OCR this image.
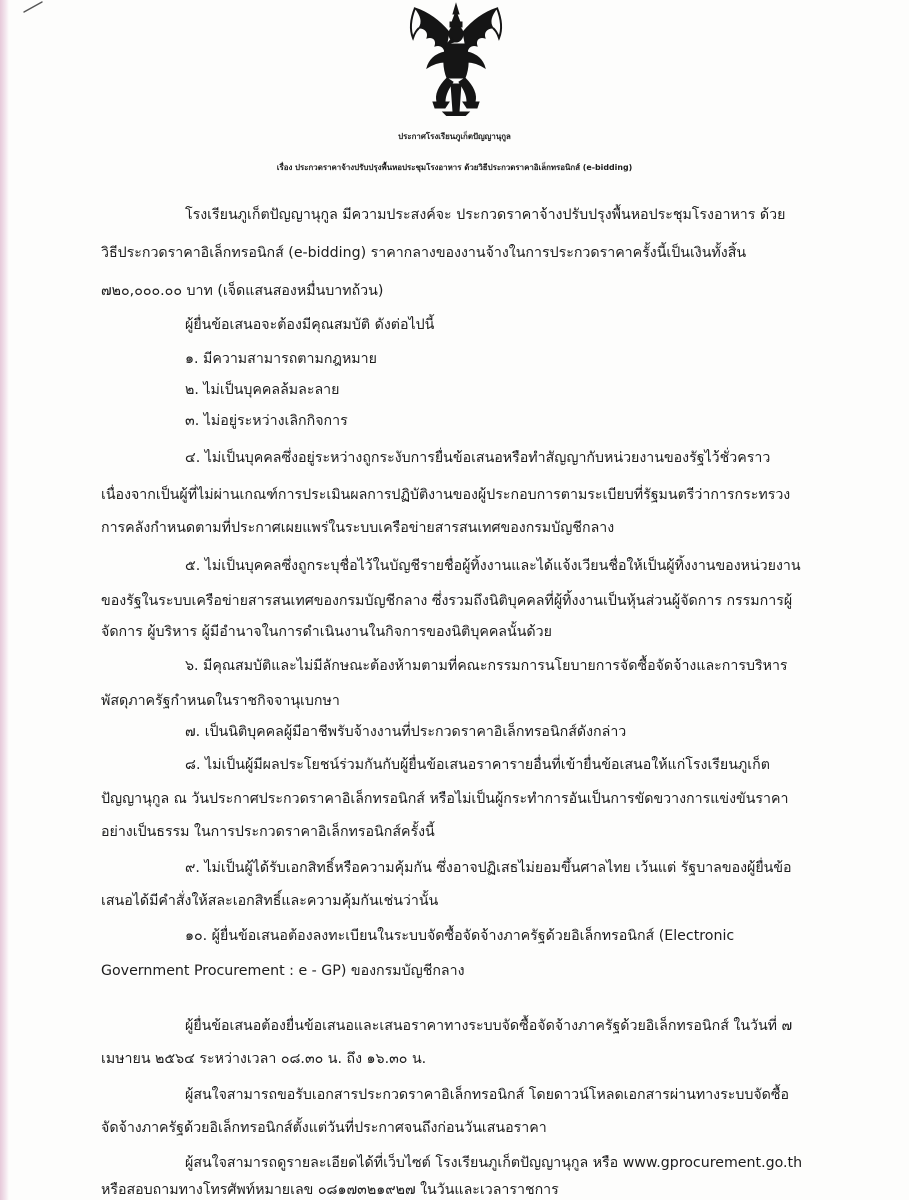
ประกาศโรงเรียนภูเก็ตปัญญานุกูล
เรื่อง ประกวดราคาจ้างปรับปรุงพื้นหอประชุมโรงอาหาร ด้วยวิธีประกวดราคาอิเล็กทรอนิกส์ (e-bidding)
โรงเรียนภูเก็ตปัญญานุกูล มีความประสงค์จะ ประกวดราคาจ้างปรับปรุงพื้นหอประชุมโรงอาหาร ด้วย
วิธีประกวดราคาอิเล็กทรอนิกส์ (e-bidding) ราคากลางของงานจ้างในการประกวดราคาครั้งนี้เป็นเงินทั้งสิ้น
๗๒๐,๐๐๐.๐๐ บาท (เจ็ดแสนสองหมื่นบาทถ้วน)
ผู้ยื่นข้อเสนอจะต้องมีคุณสมบัติ ดังต่อไปนี้
๑. มีความสามารถตามกฎหมาย
๒. ไม่เป็นบุคคลล้มละลาย
๓. ไม่อยู่ระหว่างเลิกกิจการ
๔. ไม่เป็นบุคคลซึ่งอยู่ระหว่างถูกระงับการยื่นข้อเสนอหรือทำสัญญากับหน่วยงานของรัฐไว้ชั่วคราว
เนื่องจากเป็นผู้ที่ไม่ผ่านเกณฑ์การประเมินผลการปฏิบัติงานของผู้ประกอบการตามระเบียบที่รัฐมนตรีว่าการกระทรวง
การคลังกำหนดตามที่ประกาศเผยแพร่ในระบบเครือข่ายสารสนเทศของกรมบัญชีกลาง
๕. ไม่เป็นบุคคลซึ่งถูกระบุชื่อไว้ในบัญชีรายชื่อผู้ทิ้งงานและได้แจ้งเวียนชื่อให้เป็นผู้ทิ้งงานของหน่วยงาน
ของรัฐในระบบเครือข่ายสารสนเทศของกรมบัญชีกลาง ซึ่งรวมถึงนิติบุคคลที่ผู้ทิ้งงานเป็นหุ้นส่วนผู้จัดการ กรรมการผู้
จัดการ ผู้บริหาร ผู้มีอำนาจในการดำเนินงานในกิจการของนิติบุคคลนั้นด้วย
๖. มีคุณสมบัติและไม่มีลักษณะต้องห้ามตามที่คณะกรรมการนโยบายการจัดซื้อจัดจ้างและการบริหาร
พัสดุภาครัฐกำหนดในราชกิจจานุเบกษา
๗. เป็นนิติบุคคลผู้มีอาชีพรับจ้างงานที่ประกวดราคาอิเล็กทรอนิกส์ดังกล่าว
๘. ไม่เป็นผู้มีผลประโยชน์ร่วมกันกับผู้ยื่นข้อเสนอราคารายอื่นที่เข้ายื่นข้อเสนอให้แก่โรงเรียนภูเก็ต
ปัญญานุกูล ณ วันประกาศประกวดราคาอิเล็กทรอนิกส์ หรือไม่เป็นผู้กระทำการอันเป็นการขัดขวางการแข่งขันราคา
อย่างเป็นธรรม ในการประกวดราคาอิเล็กทรอนิกส์ครั้งนี้
๙. ไม่เป็นผู้ได้รับเอกสิทธิ์หรือความคุ้มกัน ซึ่งอาจปฏิเสธไม่ยอมขึ้นศาลไทย เว้นแต่ รัฐบาลของผู้ยื่นข้อ
เสนอได้มีคำสั่งให้สละเอกสิทธิ์และความคุ้มกันเช่นว่านั้น
๑๐. ผู้ยื่นข้อเสนอต้องลงทะเบียนในระบบจัดซื้อจัดจ้างภาครัฐด้วยอิเล็กทรอนิกส์ (Electronic
Government Procurement : e - GP) ของกรมบัญชีกลาง
ผู้ยื่นข้อเสนอต้องยื่นข้อเสนอและเสนอราคาทางระบบจัดซื้อจัดจ้างภาครัฐด้วยอิเล็กทรอนิกส์ ในวันที่ ๗
เมษายน ๒๕๖๔ ระหว่างเวลา ๐๘.๓๐ น. ถึง ๑๖.๓๐ น.
ผู้สนใจสามารถขอรับเอกสารประกวดราคาอิเล็กทรอนิกส์ โดยดาวน์โหลดเอกสารผ่านทางระบบจัดซื้อ
จัดจ้างภาครัฐด้วยอิเล็กทรอนิกส์ตั้งแต่วันที่ประกาศจนถึงก่อนวันเสนอราคา
ผู้สนใจสามารถดูรายละเอียดได้ที่เว็บไซต์ โรงเรียนภูเก็ตปัญญานุกูล หรือ www.gprocurement.go.th
หรือสอบถามทางโทรศัพท์หมายเลข ๐๘๑๗๓๒๑๙๒๗ ในวันและเวลาราชการ
